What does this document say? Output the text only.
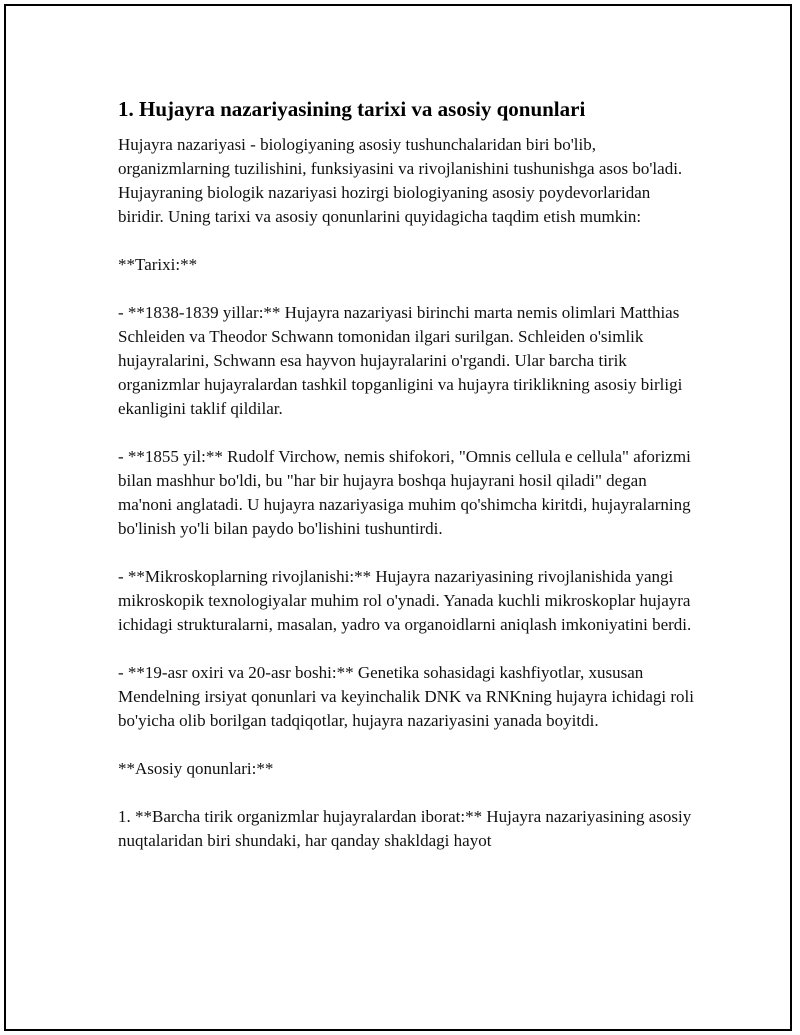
1. Hujayra nazariyasining tarixi va asosiy qonunlari

Hujayra nazariyasi - biologiyaning asosiy tushunchalaridan biri bo'lib, organizmlarning tuzilishini, funksiyasini va rivojlanishini tushunishga asos bo'ladi. Hujayraning biologik nazariyasi hozirgi biologiyaning asosiy poydevorlaridan biridir. Uning tarixi va asosiy qonunlarini quyidagicha taqdim etish mumkin:

**Tarixi:**

- **1838-1839 yillar:** Hujayra nazariyasi birinchi marta nemis olimlari Matthias Schleiden va Theodor Schwann tomonidan ilgari surilgan. Schleiden o'simlik hujayralarini, Schwann esa hayvon hujayralarini o'rgandi. Ular barcha tirik organizmlar hujayralardan tashkil topganligini va hujayra tiriklikning asosiy birligi ekanligini taklif qildilar.

- **1855 yil:** Rudolf Virchow, nemis shifokori, "Omnis cellula e cellula" aforizmi bilan mashhur bo'ldi, bu "har bir hujayra boshqa hujayrani hosil qiladi" degan ma'noni anglatadi. U hujayra nazariyasiga muhim qo'shimcha kiritdi, hujayralarning bo'linish yo'li bilan paydo bo'lishini tushuntirdi.

- **Mikroskoplarning rivojlanishi:** Hujayra nazariyasining rivojlanishida yangi mikroskopik texnologiyalar muhim rol o'ynadi. Yanada kuchli mikroskoplar hujayra ichidagi strukturalarni, masalan, yadro va organoidlarni aniqlash imkoniyatini berdi.

- **19-asr oxiri va 20-asr boshi:** Genetika sohasidagi kashfiyotlar, xususan Mendelning irsiyat qonunlari va keyinchalik DNK va RNKning hujayra ichidagi roli bo'yicha olib borilgan tadqiqotlar, hujayra nazariyasini yanada boyitdi.

**Asosiy qonunlari:**

1. **Barcha tirik organizmlar hujayralardan iborat:** Hujayra nazariyasining asosiy nuqtalaridan biri shundaki, har qanday shakldagi hayot
